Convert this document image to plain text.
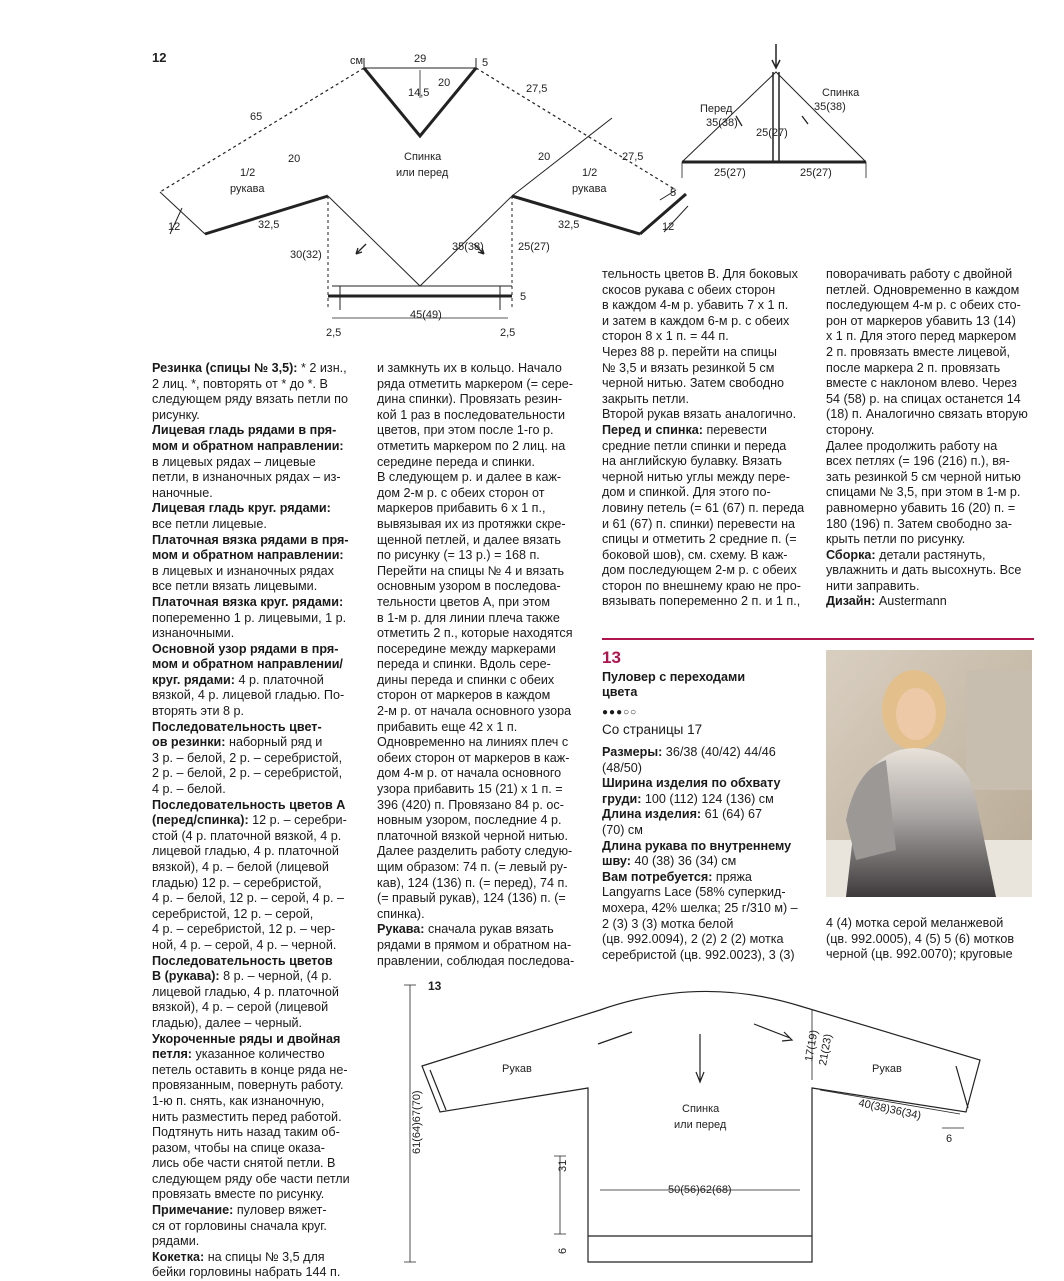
12	см	29
14,5
20
5
65
20
27,5
27,5
20
1/2
рукава
1/2
рукава
32,5	32,5
12	12
5
Спинка
или перед
30(32)
35(38)	25(27)
45(49)
2,5	2,5
5
Перед
35(38)
Спинка
35(38)
25(27)
25(27)	25(27)

Резинка (спицы № 3,5): * 2 изн.,
2 лиц. *, повторять от * до *. В
следующем ряду вязать петли по
рисунку.

Лицевая гладь рядами в пря-
мом и обратном направлении:
в лицевых рядах – лицевые
петли, в изнаночных рядах – из-
наночные.

Лицевая гладь круг. рядами:
все петли лицевые.

Платочная вязка рядами в пря-
мом и обратном направлении:
в лицевых и изнаночных рядах
все петли вязать лицевыми.

Платочная вязка круг. рядами:
попеременно 1 р. лицевыми, 1 р.
изнаночными.

Основной узор рядами в пря-
мом и обратном направлении/
круг. рядами: 4 р. платочной
вязкой, 4 р. лицевой гладью. По-
вторять эти 8 р.

Последовательность цвет-
ов резинки: наборный ряд и
3 р. – белой, 2 р. – серебристой,
2 р. – белой, 2 р. – серебристой,
4 р. – белой.

Последовательность цветов А
(перед/спинка): 12 р. – серебри-
стой (4 р. платочной вязкой, 4 р.
лицевой гладью, 4 р. платочной
вязкой), 4 р. – белой (лицевой
гладью) 12 р. – серебристой,
4 р. – белой, 12 р. – серой, 4 р. –
серебристой, 12 р. – серой,
4 р. – серебристой, 12 р. – чер-
ной, 4 р. – серой, 4 р. – черной.

Последовательность цветов
В (рукава): 8 р. – черной, (4 р.
лицевой гладью, 4 р. платочной
вязкой), 4 р. – серой (лицевой
гладью), далее – черный.

Укороченные ряды и двойная
петля: указанное количество
петель оставить в конце ряда не-
провязанным, повернуть работу.
1-ю п. снять, как изнаночную,
нить разместить перед работой.
Подтянуть нить назад таким об-
разом, чтобы на спице оказа-
лись обе части снятой петли. В
следующем ряду обе части петли
провязать вместе по рисунку.

Примечание: пуловер вяжет-
ся от горловины сначала круг.
рядами.

Кокетка: на спицы № 3,5 для
бейки горловины набрать 144 п.

и замкнуть их в кольцо. Начало
ряда отметить маркером (= сере-
дина спинки). Провязать резин-
кой 1 раз в последовательности
цветов, при этом после 1-го р.
отметить маркером по 2 лиц. на
середине переда и спинки.
В следующем р. и далее в каж-
дом 2-м р. с обеих сторон от
маркеров прибавить 6 х 1 п.,
вывязывая их из протяжки скре-
щенной петлей, и далее вязать
по рисунку (= 13 р.) = 168 п.
Перейти на спицы № 4 и вязать
основным узором в последова-
тельности цветов А, при этом
в 1-м р. для линии плеча также
отметить 2 п., которые находятся
посередине между маркерами
переда и спинки. Вдоль сере-
дины переда и спинки с обеих
сторон от маркеров в каждом
2-м р. от начала основного узора
прибавить еще 42 х 1 п.
Одновременно на линиях плеч с
обеих сторон от маркеров в каж-
дом 4-м р. от начала основного
узора прибавить 15 (21) х 1 п. =
396 (420) п. Провязано 84 р. ос-
новным узором, последние 4 р.
платочной вязкой черной нитью.
Далее разделить работу следую-
щим образом: 74 п. (= левый ру-
кав), 124 (136) п. (= перед), 74 п.
(= правый рукав), 124 (136) п. (=
спинка).

Рукава: сначала рукав вязать
рядами в прямом и обратном на-
правлении, соблюдая последова-

тельность цветов В. Для боковых
скосов рукава с обеих сторон
в каждом 4-м р. убавить 7 х 1 п.
и затем в каждом 6-м р. с обеих
сторон 8 х 1 п. = 44 п.
Через 88 р. перейти на спицы
№ 3,5 и вязать резинкой 5 см
черной нитью. Затем свободно
закрыть петли.
Второй рукав вязать аналогично.

Перед и спинка: перевести
средние петли спинки и переда
на английскую булавку. Вязать
черной нитью углы между пере-
дом и спинкой. Для этого по-
ловину петель (= 61 (67) п. переда
и 61 (67) п. спинки) перевести на
спицы и отметить 2 средние п. (=
боковой шов), см. схему. В каж-
дом последующем 2-м р. с обеих
сторон по внешнему краю не про-
вязывать попеременно 2 п. и 1 п.,

поворачивать работу с двойной
петлей. Одновременно в каждом
последующем 4-м р. с обеих сто-
рон от маркеров убавить 13 (14)
х 1 п. Для этого перед маркером
2 п. провязать вместе лицевой,
после маркера 2 п. провязать
вместе с наклоном влево. Через
54 (58) р. на спицах останется 14
(18) п. Аналогично связать вторую
сторону.
Далее продолжить работу на
всех петлях (= 196 (216) п.), вя-
зать резинкой 5 см черной нитью
спицами № 3,5, при этом в 1-м р.
равномерно убавить 16 (20) п. =
180 (196) п. Затем свободно за-
крыть петли по рисунку.

Сборка: детали растянуть,
увлажнить и дать высохнуть. Все
нити заправить.

Дизайн: Austermann

13
Пуловер с переходами
цвета
●●●○○
Со страницы 17

Размеры: 36/38 (40/42) 44/46
(48/50)

Ширина изделия по обхвату
груди: 100 (112) 124 (136) см

Длина изделия: 61 (64) 67
(70) см

Длина рукава по внутреннему
шву: 40 (38) 36 (34) см

Вам потребуется: пряжа
Langyarns Lace (58% суперкид-
мохера, 42% шелка; 25 г/310 м) –
2 (3) 3 (3) мотка белой
(цв. 992.0094), 2 (2) 2 (2) мотка
серебристой (цв. 992.0023), 3 (3)

4 (4) мотка серой меланжевой
(цв. 992.0005), 4 (5) 5 (6) мотков
черной (цв. 992.0070); круговые

13
Рукав	Рукав
Спинка
или перед
61(64)67(70)
31
6
50(56)62(68)
17(19)
21(23)
40(38)36(34)
6
